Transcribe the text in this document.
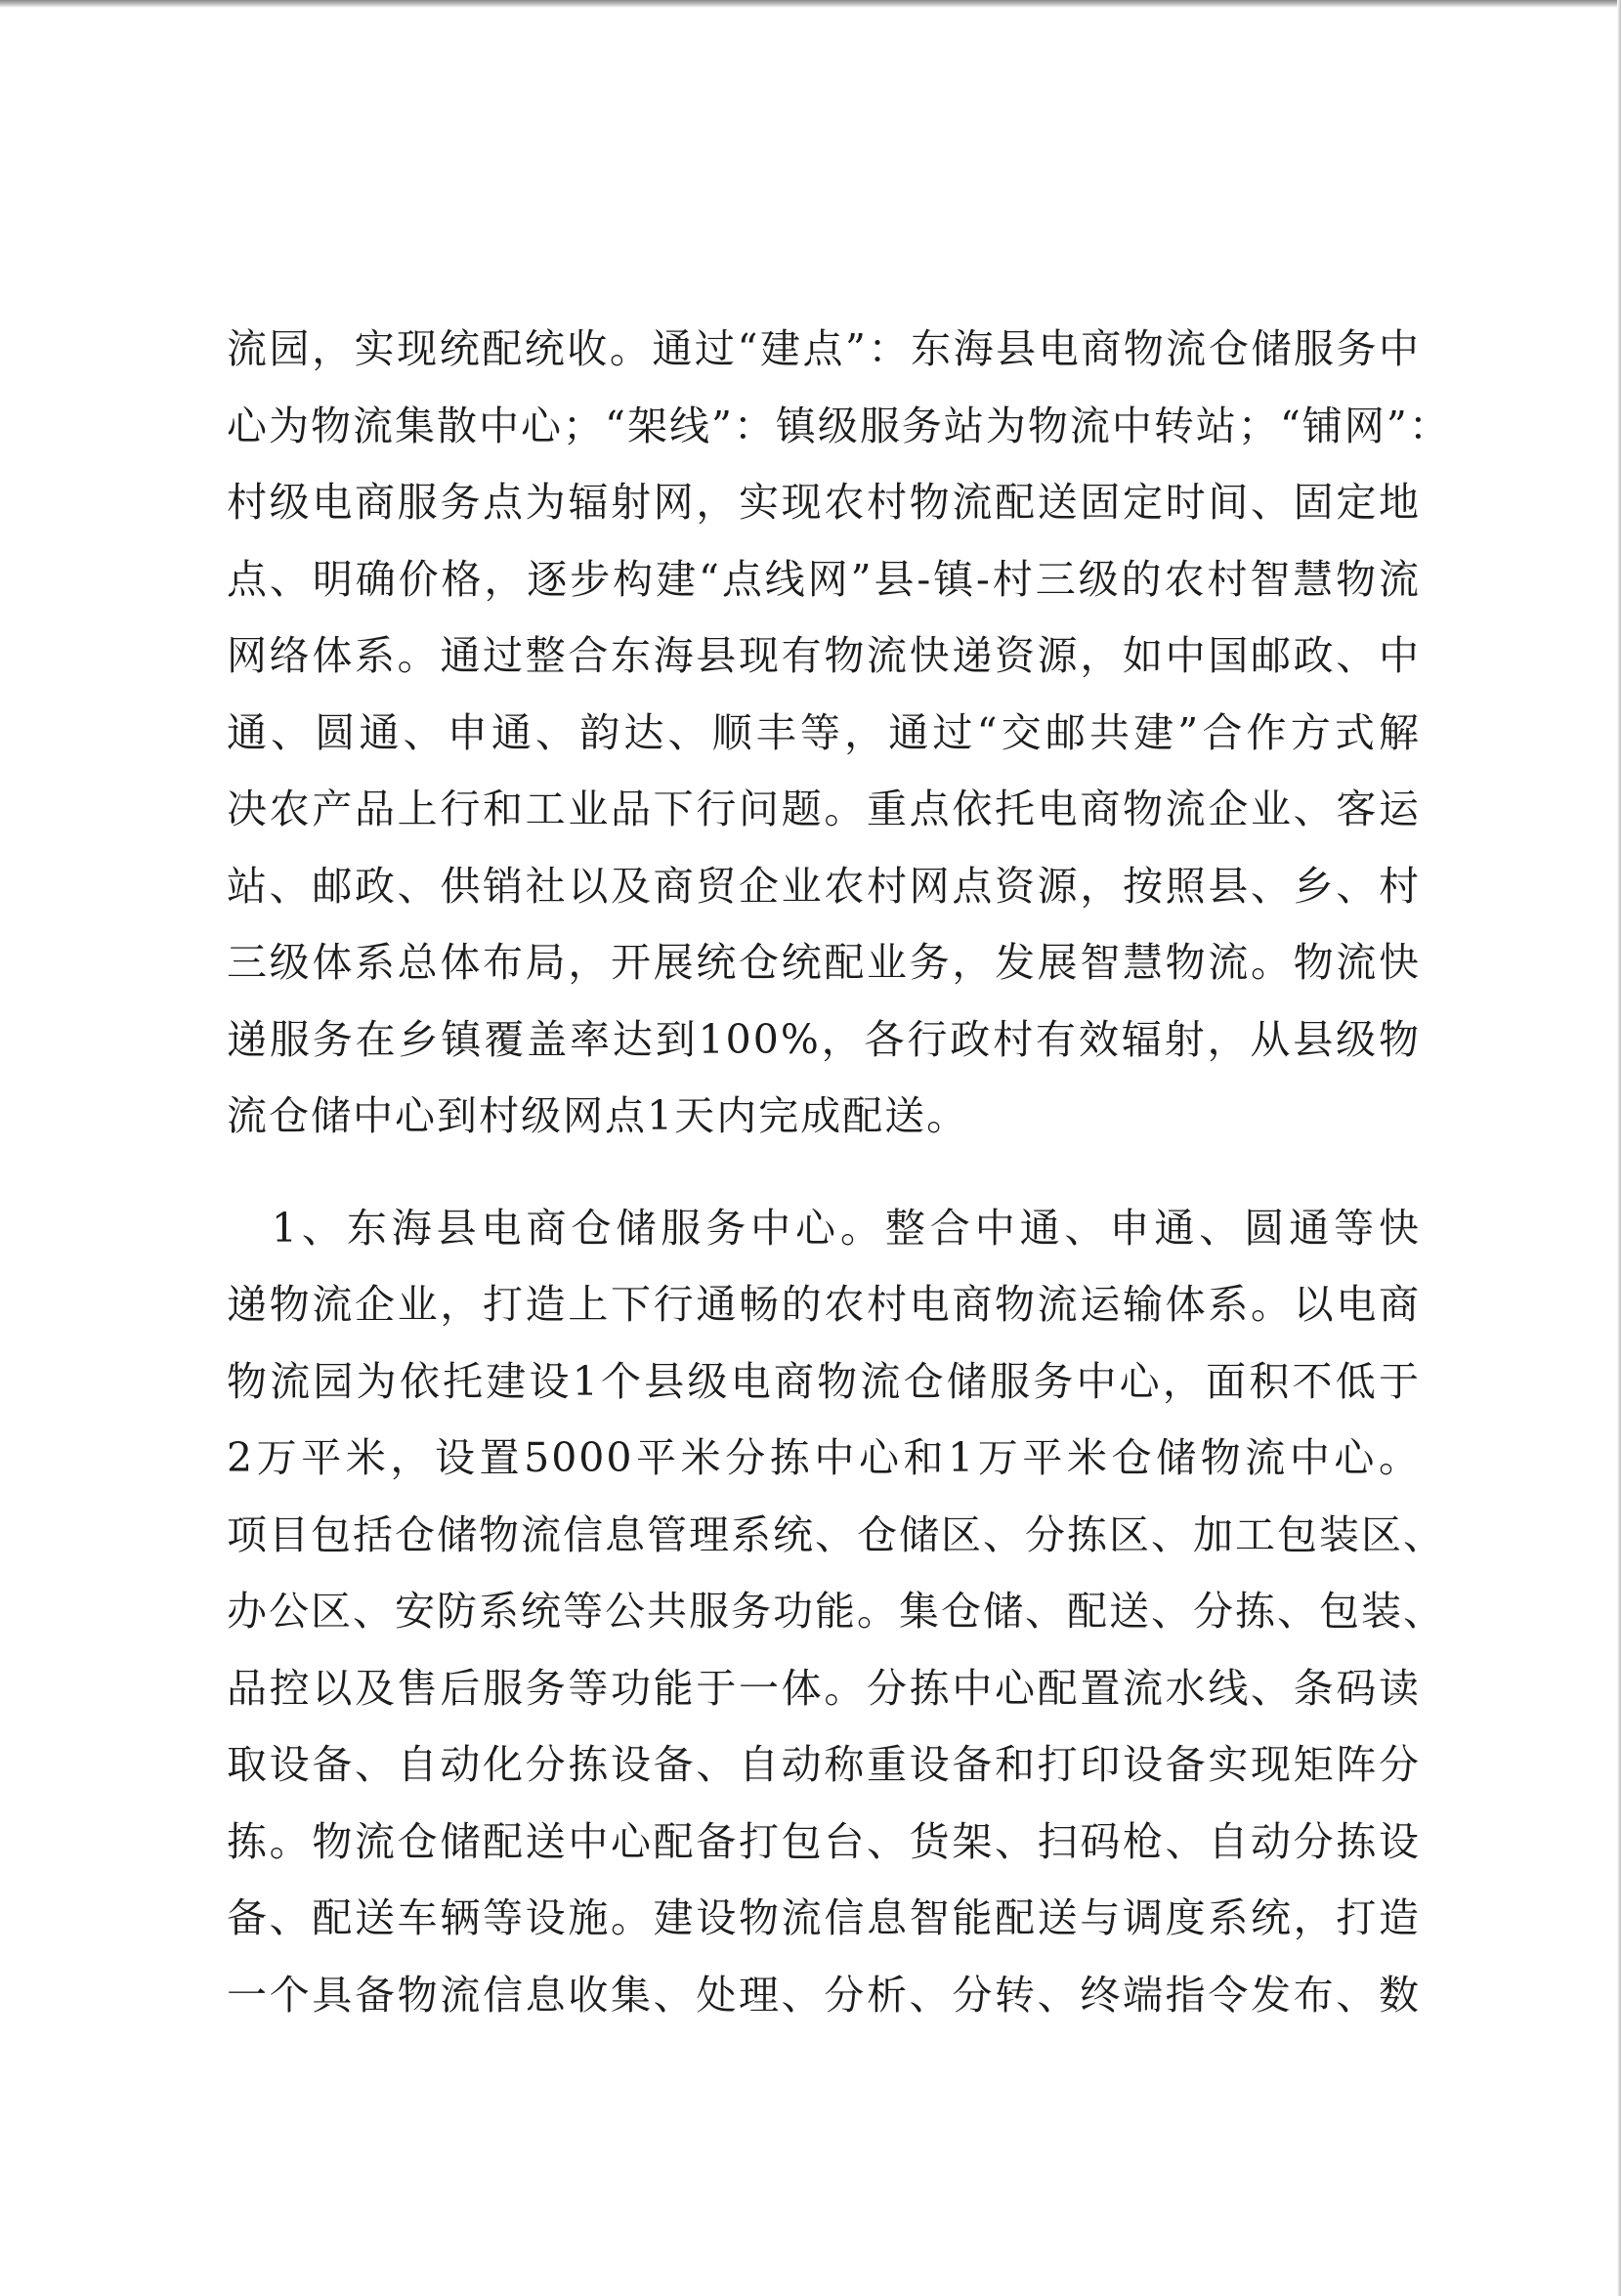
流园，实现统配统收。通过“建点”：东海县电商物流仓储服务中
心为物流集散中心；“架线”：镇级服务站为物流中转站；“铺网”：
村级电商服务点为辐射网，实现农村物流配送固定时间、固定地
点、明确价格，逐步构建“点线网”县-镇-村三级的农村智慧物流
网络体系。通过整合东海县现有物流快递资源，如中国邮政、中
通、圆通、申通、韵达、顺丰等，通过“交邮共建”合作方式解
决农产品上行和工业品下行问题。重点依托电商物流企业、客运
站、邮政、供销社以及商贸企业农村网点资源，按照县、乡、村
三级体系总体布局，开展统仓统配业务，发展智慧物流。物流快
递服务在乡镇覆盖率达到100%，各行政村有效辐射，从县级物
流仓储中心到村级网点1天内完成配送。
　1、东海县电商仓储服务中心。整合中通、申通、圆通等快
递物流企业，打造上下行通畅的农村电商物流运输体系。以电商
物流园为依托建设1个县级电商物流仓储服务中心，面积不低于
2万平米，设置5000平米分拣中心和1万平米仓储物流中心。
项目包括仓储物流信息管理系统、仓储区、分拣区、加工包装区、
办公区、安防系统等公共服务功能。集仓储、配送、分拣、包装、
品控以及售后服务等功能于一体。分拣中心配置流水线、条码读
取设备、自动化分拣设备、自动称重设备和打印设备实现矩阵分
拣。物流仓储配送中心配备打包台、货架、扫码枪、自动分拣设
备、配送车辆等设施。建设物流信息智能配送与调度系统，打造
一个具备物流信息收集、处理、分析、分转、终端指令发布、数
